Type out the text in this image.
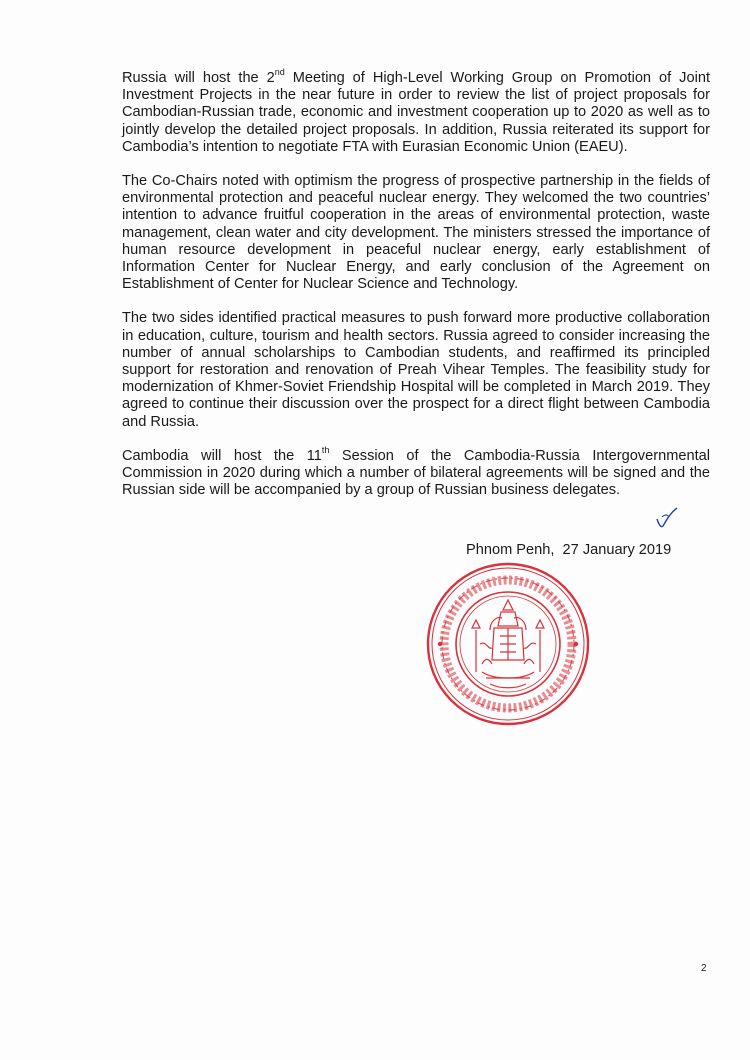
Russia will host the 2nd Meeting of High-Level Working Group on Promotion of Joint Investment Projects in the near future in order to review the list of project proposals for Cambodian-Russian trade, economic and investment cooperation up to 2020 as well as to jointly develop the detailed project proposals. In addition, Russia reiterated its support for Cambodia’s intention to negotiate FTA with Eurasian Economic Union (EAEU).

The Co-Chairs noted with optimism the progress of prospective partnership in the fields of environmental protection and peaceful nuclear energy. They welcomed the two countries’ intention to advance fruitful cooperation in the areas of environmental protection, waste management, clean water and city development. The ministers stressed the importance of human resource development in peaceful nuclear energy, early establishment of Information Center for Nuclear Energy, and early conclusion of the Agreement on Establishment of Center for Nuclear Science and Technology.

The two sides identified practical measures to push forward more productive collaboration in education, culture, tourism and health sectors. Russia agreed to consider increasing the number of annual scholarships to Cambodian students, and reaffirmed its principled support for restoration and renovation of Preah Vihear Temples. The feasibility study for modernization of Khmer-Soviet Friendship Hospital will be completed in March 2019. They agreed to continue their discussion over the prospect for a direct flight between Cambodia and Russia.

Cambodia will host the 11th Session of the Cambodia-Russia Intergovernmental Commission in 2020 during which a number of bilateral agreements will be signed and the Russian side will be accompanied by a group of Russian business delegates.

Phnom Penh,  27 January 2019
2
